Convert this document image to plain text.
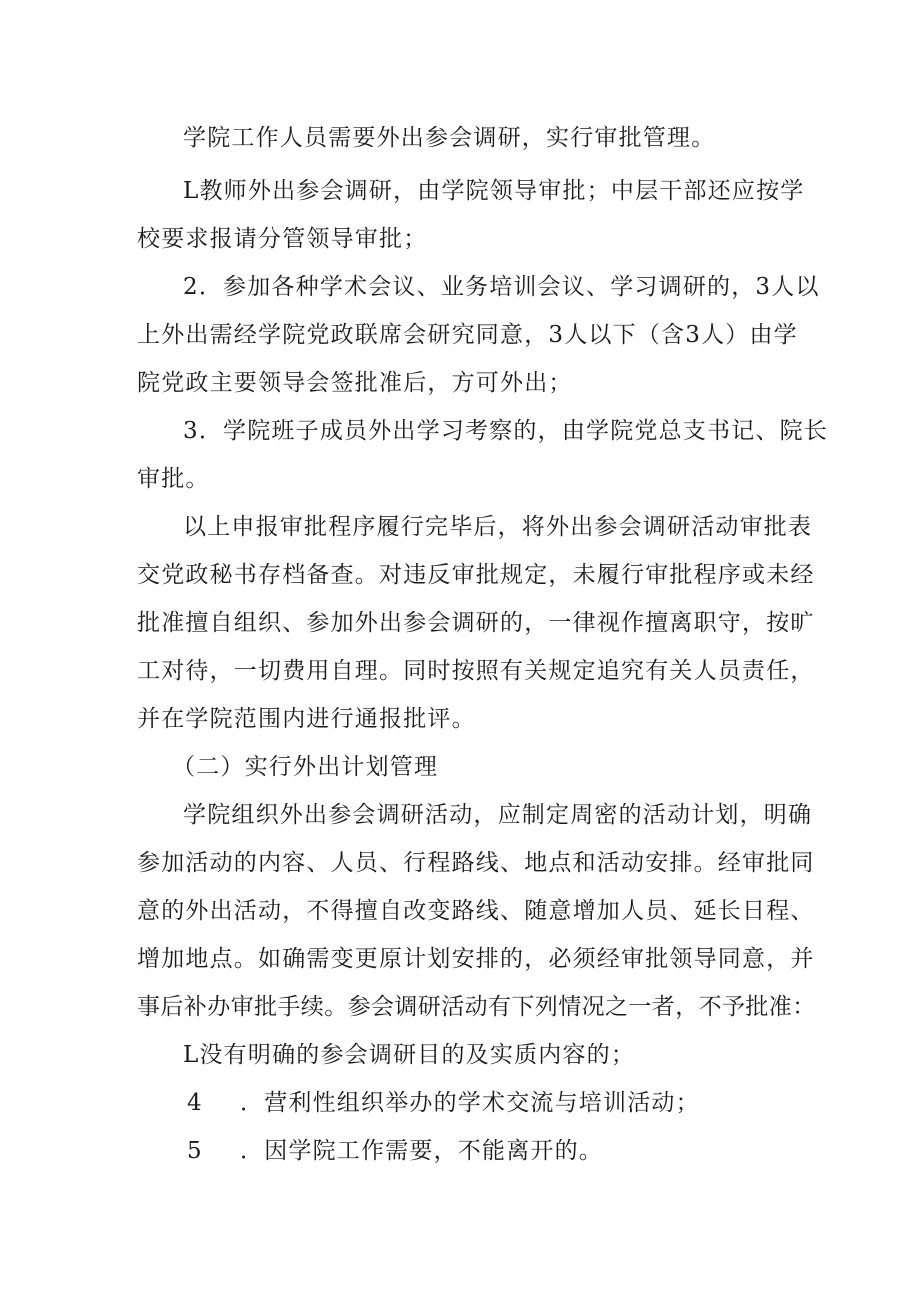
学院工作人员需要外出参会调研，实行审批管理。
L教师外出参会调研，由学院领导审批；中层干部还应按学
校要求报请分管领导审批；
2．参加各种学术会议、业务培训会议、学习调研的，3人以
上外出需经学院党政联席会研究同意，3人以下（含3人）由学
院党政主要领导会签批准后，方可外出；
3．学院班子成员外出学习考察的，由学院党总支书记、院长
审批。
以上申报审批程序履行完毕后，将外出参会调研活动审批表
交党政秘书存档备查。对违反审批规定，未履行审批程序或未经
批准擅自组织、参加外出参会调研的，一律视作擅离职守，按旷
工对待，一切费用自理。同时按照有关规定追究有关人员责任，
并在学院范围内进行通报批评。
（二）实行外出计划管理
学院组织外出参会调研活动，应制定周密的活动计划，明确
参加活动的内容、人员、行程路线、地点和活动安排。经审批同
意的外出活动，不得擅自改变路线、随意增加人员、延长日程、
增加地点。如确需变更原计划安排的，必须经审批领导同意，并
事后补办审批手续。参会调研活动有下列情况之一者，不予批准：
L没有明确的参会调研目的及实质内容的；
4	．营利性组织举办的学术交流与培训活动；
5	．因学院工作需要，不能离开的。
